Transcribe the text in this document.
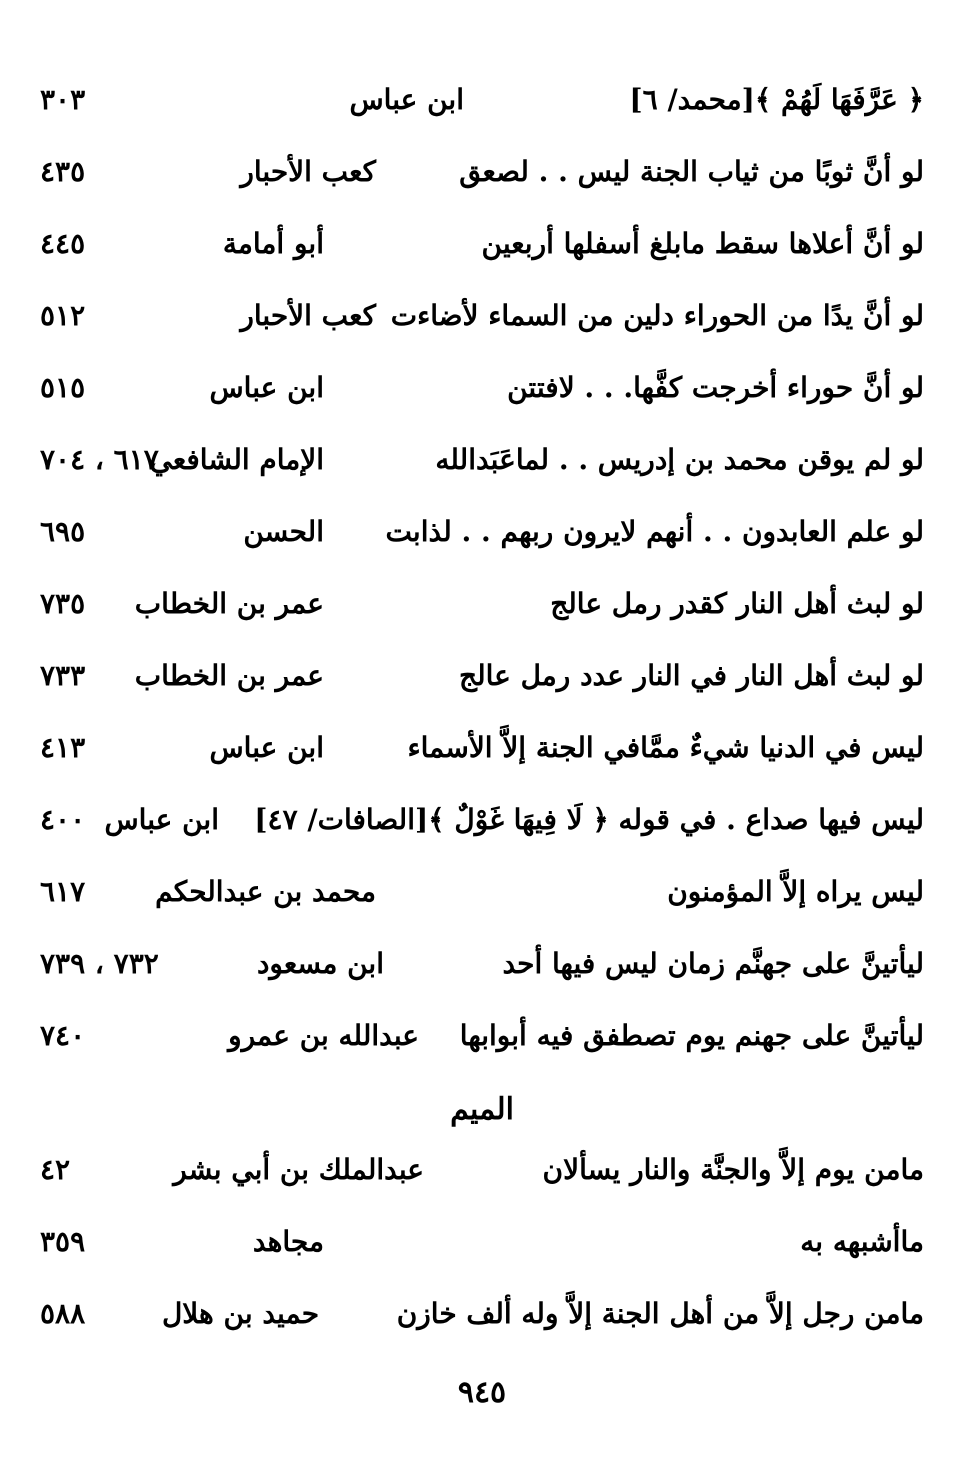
﴿ عَرَّفَهَا لَهُمْ ﴾[محمد/ ٦]
ابن عباس
٣٠٣
لو أنَّ ثوبًا من ثياب الجنة ليس . . لصعق
كعب الأحبار
٤٣٥
لو أنَّ أعلاها سقط مابلغ أسفلها أربعين
أبو أمامة
٤٤٥
لو أنَّ يدًا من الحوراء دلين من السماء لأضاءت
كعب الأحبار
٥١٢
لو أنَّ حوراء أخرجت كفَّها. . . لافتتن
ابن عباس
٥١٥
لو لم يوقن محمد بن إدريس . . لماعَبَدالله
الإمام الشافعي
٦١٧ ، ٧٠٤
لو علم العابدون . . أنهم لايرون ربهم . . لذابت
الحسن
٦٩٥
لو لبث أهل النار كقدر رمل عالج
عمر بن الخطاب
٧٣٥
لو لبث أهل النار في النار عدد رمل عالج
عمر بن الخطاب
٧٣٣
ليس في الدنيا شيءٌ ممَّافي الجنة إلاَّ الأسماء
ابن عباس
٤١٣
ليس فيها صداع . في قوله ﴿ لَا فِيهَا غَوْلٌ ﴾[الصافات/ ٤٧]
ابن عباس
٤٠٠
ليس يراه إلاَّ المؤمنون
محمد بن عبدالحكم
٦١٧
ليأتينَّ على جهنَّم زمان ليس فيها أحد
ابن مسعود
٧٣٢ ، ٧٣٩
ليأتينَّ على جهنم يوم تصطفق فيه أبوابها
عبدالله بن عمرو
٧٤٠
الميم
مامن يوم إلاَّ والجنَّة والنار يسألان
عبدالملك بن أبي بشر
٤٢
ماأشبهه به
مجاهد
٣٥٩
مامن رجل إلاَّ من أهل الجنة إلاَّ وله ألف خازن
حميد بن هلال
٥٨٨
٩٤٥
